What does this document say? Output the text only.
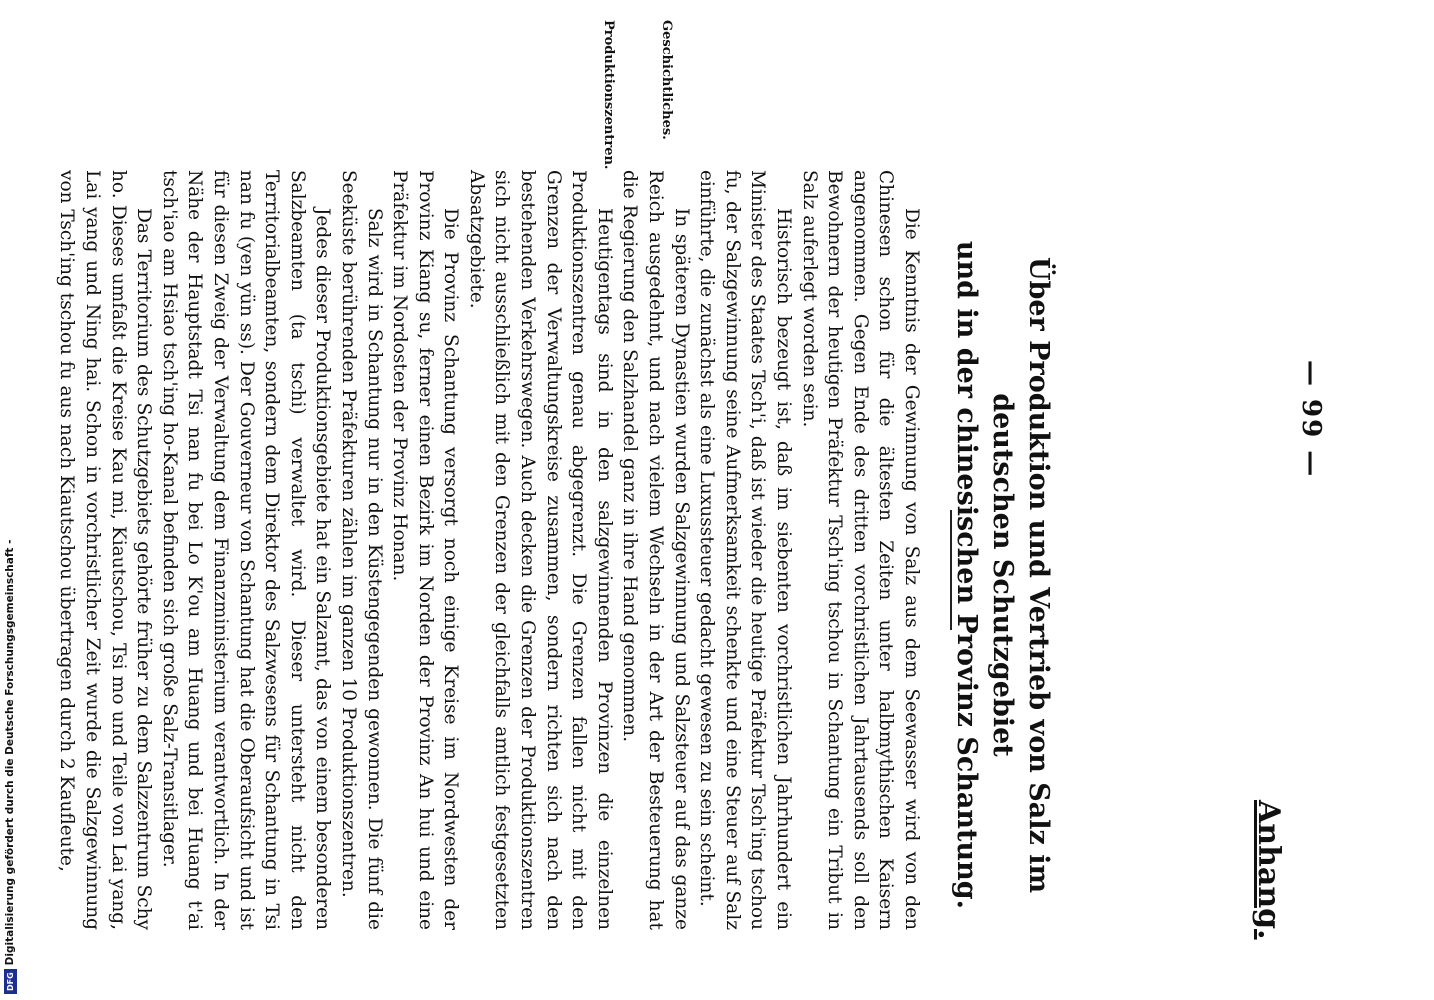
— 99 —
Anhang.
Über Produktion und Vertrieb von Salz im deutschen Schutzgebiet
und in der chinesischen Provinz Schantung.
Geschichtliches.
Produktionszentren.

Die Kenntnis der Gewinnung von Salz aus dem Seewasser wird von den Chinesen schon für die ältesten Zeiten unter halbmythischen Kaisern angenommen. Gegen Ende des dritten vorchristlichen Jahrtausends soll den Bewohnern der heutigen Präfektur Tsch'ing tschou in Schantung ein Tribut in Salz auferlegt worden sein.

Historisch bezeugt ist, daß im siebenten vorchristlichen Jahrhundert ein Minister des Staates Tsch'i, daß ist wieder die heutige Präfektur Tsch'ing tschou fu, der Salzgewinnung seine Aufmerksamkeit schenkte und eine Steuer auf Salz einführte, die zunächst als eine Luxussteuer gedacht gewesen zu sein scheint.

In späteren Dynastien wurden Salzgewinnung und Salzsteuer auf das ganze Reich ausgedehnt, und nach vielem Wechseln in der Art der Besteuerung hat die Regierung den Salzhandel ganz in ihre Hand genommen.

Heutigentags sind in den salzgewinnenden Provinzen die einzelnen Produktionszentren genau abgegrenzt. Die Grenzen fallen nicht mit den Grenzen der Verwaltungskreise zusammen, sondern richten sich nach den bestehenden Verkehrswegen. Auch decken die Grenzen der Produktionszentren sich nicht ausschließlich mit den Grenzen der gleichfalls amtlich festgesetzten Absatzgebiete.

Die Provinz Schantung versorgt noch einige Kreise im Nordwesten der Provinz Kiang su, ferner einen Bezirk im Norden der Provinz An hui und eine Präfektur im Nordosten der Provinz Honan.

Salz wird in Schantung nur in den Küstengegenden gewonnen. Die fünf die Seeküste berührenden Präfekturen zählen im ganzen 10 Produktionszentren.

Jedes dieser Produktionsgebiete hat ein Salzamt, das von einem besonderen Salzbeamten (ta tschi) verwaltet wird. Dieser untersteht nicht den Territorialbeamten, sondern dem Direktor des Salzwesens für Schantung in Tsi nan fu (yen yün ss). Der Gouverneur von Schantung hat die Oberaufsicht und ist für diesen Zweig der Verwaltung dem Finanzministerium verantwortlich. In der Nähe der Hauptstadt Tsi nan fu bei Lo K'ou am Huang und bei Huang t'ai tsch'iao am Hsiao tsch'ing ho-Kanal befinden sich große Salz-Transitlager.

Das Territorium des Schutzgebiets gehörte früher zu dem Salzzentrum Schy ho. Dieses umfaßt die Kreise Kau mi, Kiautschou, Tsi mo und Teile von Lai yang, Lai yang und Ning hai. Schon in vorchristlicher Zeit wurde die Salzgewinnung von Tsch'ing tschou fu aus nach Kiautschou übertragen durch 2 Kaufleute,

DFG
Digitalisierung gefördert durch die Deutsche Forschungsgemeinschaft -
